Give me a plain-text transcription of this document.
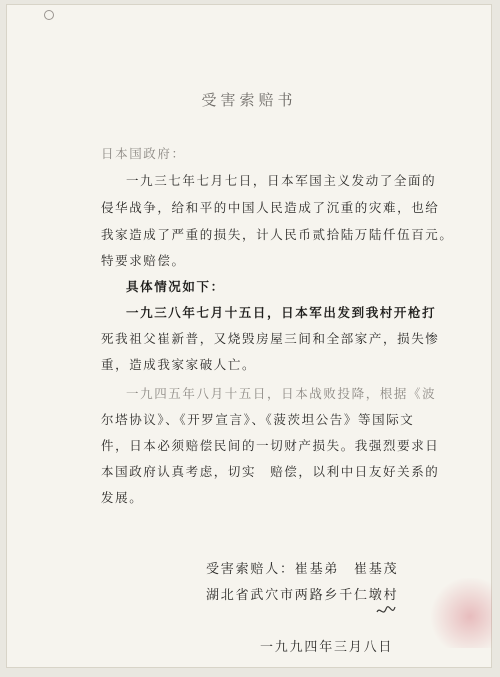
受害索赔书
日本国政府：
一九三七年七月七日，日本军国主义发动了全面的
侵华战争，给和平的中国人民造成了沉重的灾难，也给
我家造成了严重的损失，计人民币贰拾陆万陆仟伍百元。
特要求赔偿。
具体情况如下：
一九三八年七月十五日，日本军出发到我村开枪打
死我祖父崔新普，又烧毁房屋三间和全部家产，损失惨
重，造成我家家破人亡。
一九四五年八月十五日，日本战败投降，根据《波
尔塔协议》、《开罗宣言》、《菠茨坦公告》等国际文
件，日本必须赔偿民间的一切财产损失。我强烈要求日
本国政府认真考虑，切实　赔偿，以利中日友好关系的
发展。
受害索赔人：崔基弟　崔基茂
湖北省武穴市两路乡千仁墩村
一九九四年三月八日
